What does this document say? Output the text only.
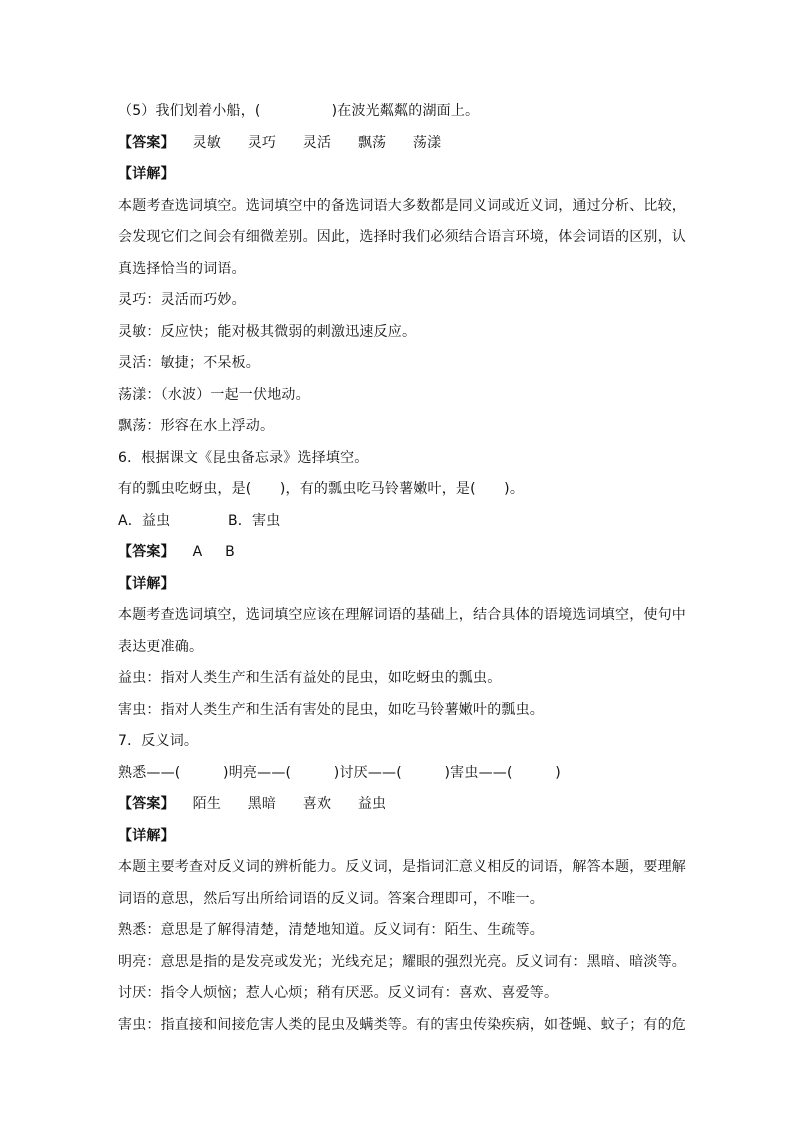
（5）我们划着小船，(　　　　　	)在波光粼粼的湖面上。
【答案】 灵敏 灵巧 灵活 飘荡 荡漾
【详解】
本题考查选词填空。选词填空中的备选词语大多数都是同义词或近义词，通过分析、比较，
会发现它们之间会有细微差别。因此，选择时我们必须结合语言环境，体会词语的区别，认
真选择恰当的词语。
灵巧：灵活而巧妙。
灵敏：反应快；能对极其微弱的刺激迅速反应。
灵活：敏捷；不呆板。
荡漾：（水波）一起一伏地动。
飘荡：形容在水上浮动。
6．根据课文《昆虫备忘录》选择填空。
有的瓢虫吃蚜虫，是(　　)，有的瓢虫吃马铃薯嫩叶，是(　　)。
A．益虫	B．害虫
【答案】 A B
【详解】
本题考查选词填空，选词填空应该在理解词语的基础上，结合具体的语境选词填空，使句中
表达更准确。
益虫：指对人类生产和生活有益处的昆虫，如吃蚜虫的瓢虫。
害虫：指对人类生产和生活有害处的昆虫，如吃马铃薯嫩叶的瓢虫。
7．反义词。
熟悉——(　　　)明亮——(　　　)讨厌——(　　　)害虫——(　　　)
【答案】 陌生 黑暗 喜欢 益虫
【详解】
本题主要考查对反义词的辨析能力。反义词，是指词汇意义相反的词语，解答本题，要理解
词语的意思，然后写出所给词语的反义词。答案合理即可，不唯一。
熟悉：意思是了解得清楚，清楚地知道。反义词有：陌生、生疏等。
明亮：意思是指的是发亮或发光；光线充足；耀眼的强烈光亮。反义词有：黑暗、暗淡等。
讨厌：指令人烦恼；惹人心烦；稍有厌恶。反义词有：喜欢、喜爱等。
害虫：指直接和间接危害人类的昆虫及螨类等。有的害虫传染疾病，如苍蝇、蚊子；有的危
